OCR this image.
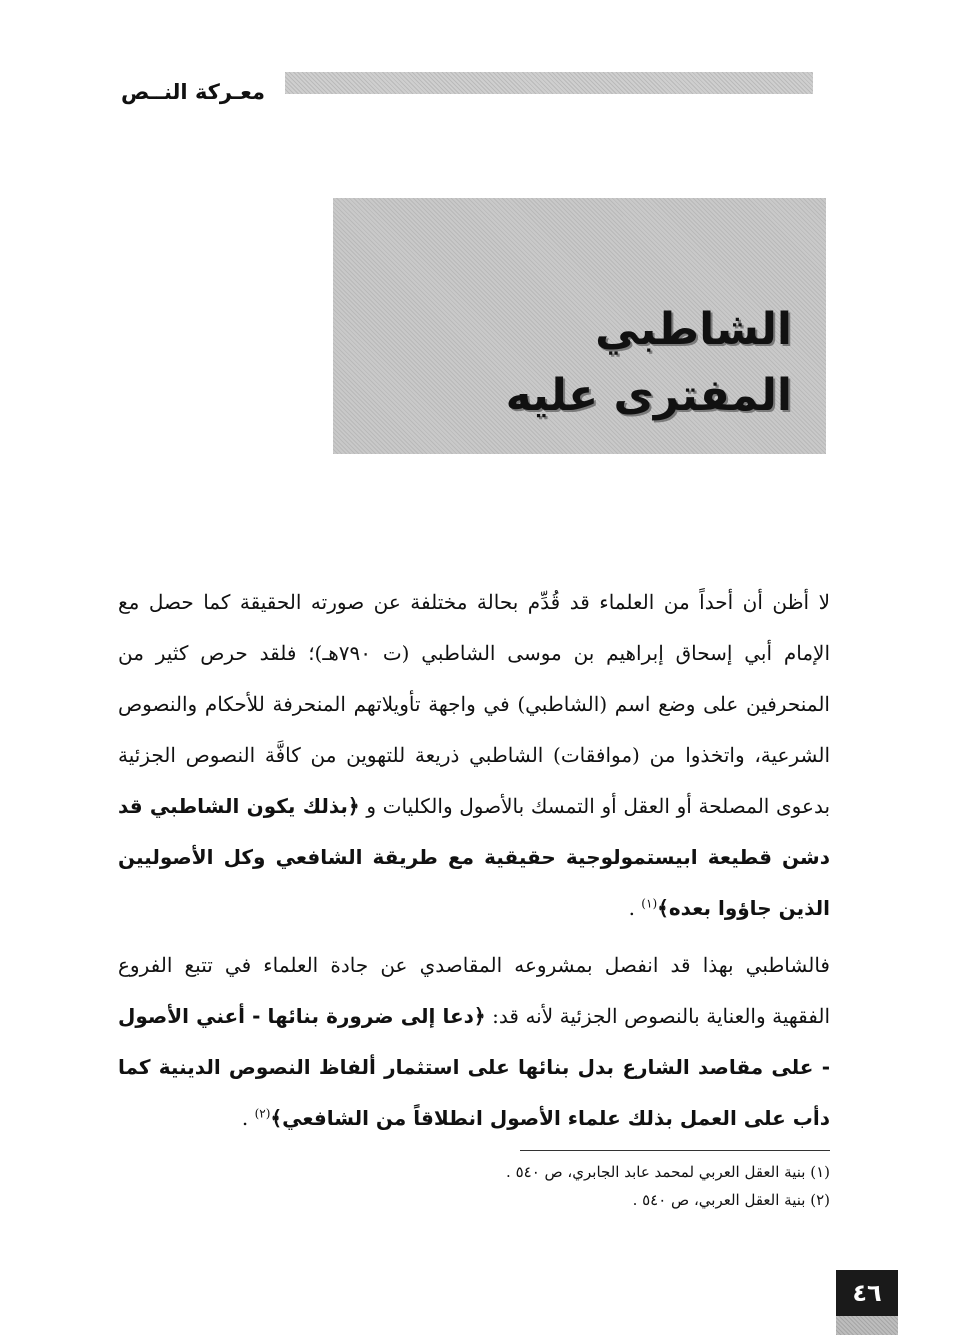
معـركة النــص
الشاطبي
المفترى عليه

لا أظن أن أحداً من العلماء قد قُدِّم بحالة مختلفة عن صورته الحقيقة كما حصل مع الإمام أبي إسحاق إبراهيم بن موسى الشاطبي (ت ٧٩٠هـ)؛ فلقد حرص كثير من المنحرفين على وضع اسم (الشاطبي) في واجهة تأويلاتهم المنحرفة للأحكام والنصوص الشرعية، واتخذوا من (موافقات) الشاطبي ذريعة للتهوين من كافَّة النصوص الجزئية بدعوى المصلحة أو العقل أو التمسك بالأصول والكليات و ﴿بذلك يكون الشاطبي قد دشن قطيعة ابيستمولوجية حقيقية مع طريقة الشافعي وكل الأصوليين الذين جاؤوا بعده﴾$^{(١)}$ .

فالشاطبي بهذا قد انفصل بمشروعه المقاصدي عن جادة العلماء في تتبع الفروع الفقهية والعناية بالنصوص الجزئية لأنه قد: ﴿دعا إلى ضرورة بنائها - أعني الأصول - على مقاصد الشارع بدل بنائها على استثمار ألفاظ النصوص الدينية كما دأب على العمل بذلك علماء الأصول انطلاقاً من الشافعي﴾$^{(٢)}$ .

(١) بنية العقل العربي لمحمد عابد الجابري، ص ٥٤٠ .
(٢) بنية العقل العربي، ص ٥٤٠ .
٤٦
